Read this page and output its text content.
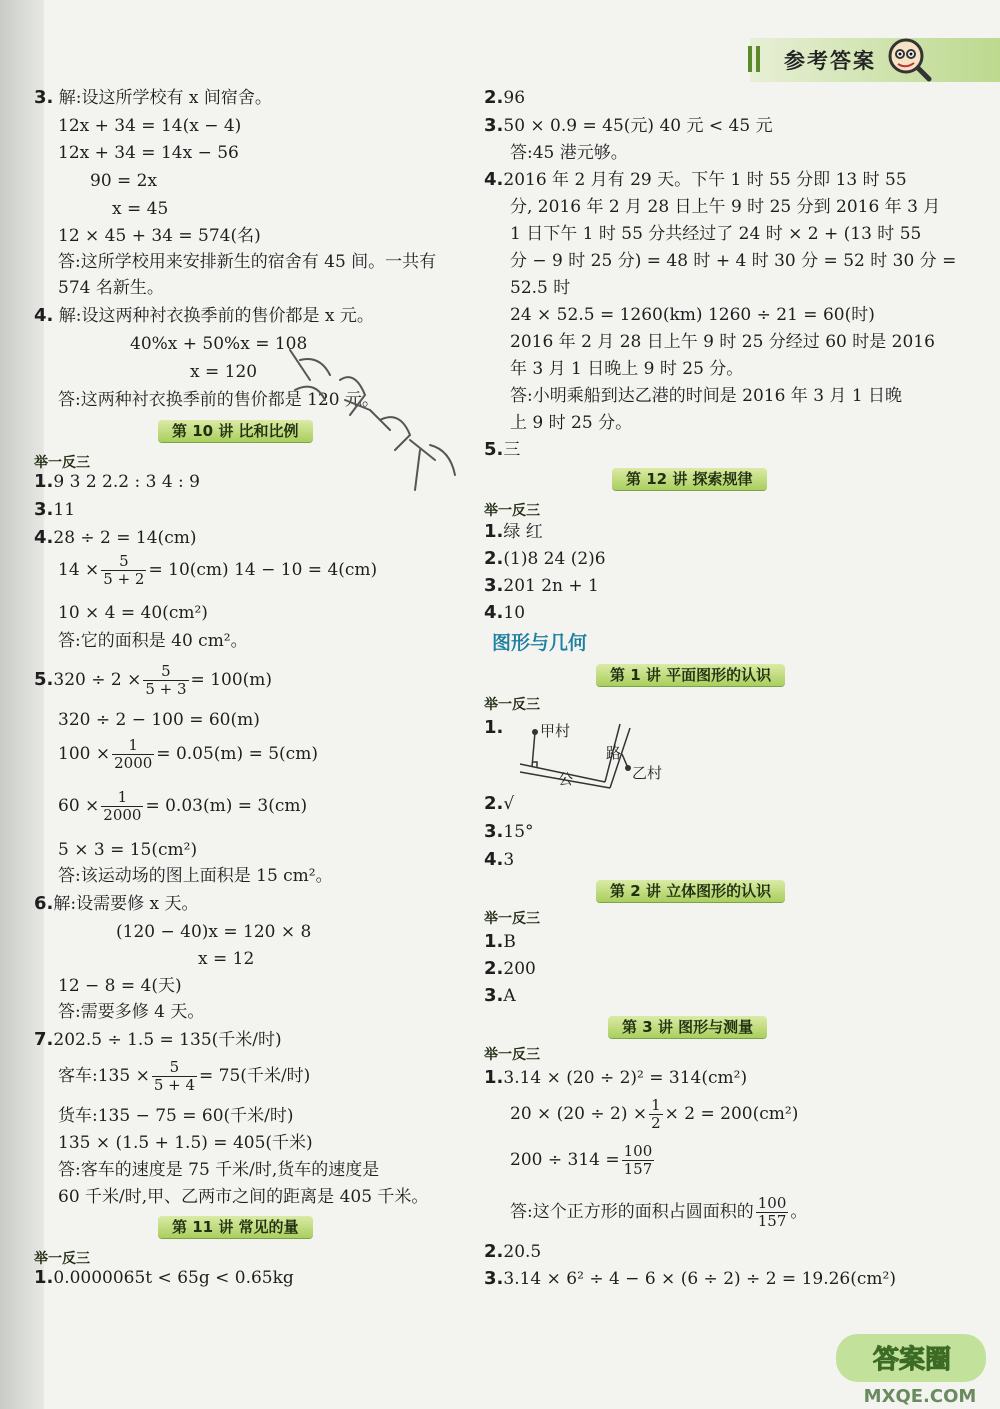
参考答案
3. 解:设这所学校有 x 间宿舍。
12x + 34 = 14(x − 4)
12x + 34 = 14x − 56
90 = 2x
x = 45
12 × 45 + 34 = 574(名)
答:这所学校用来安排新生的宿舍有 45 间。一共有
574 名新生。
4. 解:设这两种衬衣换季前的售价都是 x 元。
40%x + 50%x = 108
x = 120
答:这两种衬衣换季前的售价都是 120 元。
第 10 讲 比和比例
举一反三
1.9 3 2 2.2 : 3 4 : 9
3.11
4.28 ÷ 2 = 14(cm)
$14 \times \frac{5}{5 + 2} = 10(cm) 14 - 10 = 4(cm)$
10 × 4 = 40(cm²)
答:它的面积是 40 cm²。
$5.320 \div 2 \times \frac{5}{5 + 3} = 100(m)$
320 ÷ 2 − 100 = 60(m)
$100 \times \frac{1}{2000} = 0.05(m) = 5(cm)$
$60 \times \frac{1}{2000} = 0.03(m) = 3(cm)$
5 × 3 = 15(cm²)
答:该运动场的图上面积是 15 cm²。
6.解:设需要修 x 天。
(120 − 40)x = 120 × 8
x = 12
12 − 8 = 4(天)
答:需要多修 4 天。
7.202.5 ÷ 1.5 = 135(千米/时)
客车:135 × $\frac{5}{5 + 4} = 75$(千米/时)
货车:135 − 75 = 60(千米/时)
135 × (1.5 + 1.5) = 405(千米)
答:客车的速度是 75 千米/时,货车的速度是
60 千米/时,甲、乙两市之间的距离是 405 千米。
第 11 讲 常见的量
举一反三
1.0.0000065t < 65g < 0.65kg
2.96
3.50 × 0.9 = 45(元) 40 元 < 45 元
答:45 港元够。
4.2016 年 2 月有 29 天。下午 1 时 55 分即 13 时 55
分, 2016 年 2 月 28 日上午 9 时 25 分到 2016 年 3 月
1 日下午 1 时 55 分共经过了 24 时 × 2 + (13 时 55
分 − 9 时 25 分) = 48 时 + 4 时 30 分 = 52 时 30 分 =
52.5 时
24 × 52.5 = 1260(km) 1260 ÷ 21 = 60(时)
2016 年 2 月 28 日上午 9 时 25 分经过 60 时是 2016
年 3 月 1 日晚上 9 时 25 分。
答:小明乘船到达乙港的时间是 2016 年 3 月 1 日晚
上 9 时 25 分。
5.三
第 12 讲 探索规律
举一反三
1.绿 红
2.(1)8 24 (2)6
3.201 2n + 1
4.10
图形与几何
第 1 讲 平面图形的认识
举一反三
1. 甲村
乙村
公
路
2.√
3.15°
4.3
第 2 讲 立体图形的认识
举一反三
1.B
2.200
3.A
第 3 讲 图形与测量
举一反三
1.3.14 × (20 ÷ 2)² = 314(cm²)
$20 \times (20 \div 2) \times \frac{1}{2} \times 2 = 200(cm^2)$
$200 \div 314 = \frac{100}{157}$
答:这个正方形的面积占圆面积的 $\frac{100}{157}$ 。
2.20.5
3.3.14 × 6² ÷ 4 − 6 × (6 ÷ 2) ÷ 2 = 19.26(cm²)
答案圈
MXQE.COM
